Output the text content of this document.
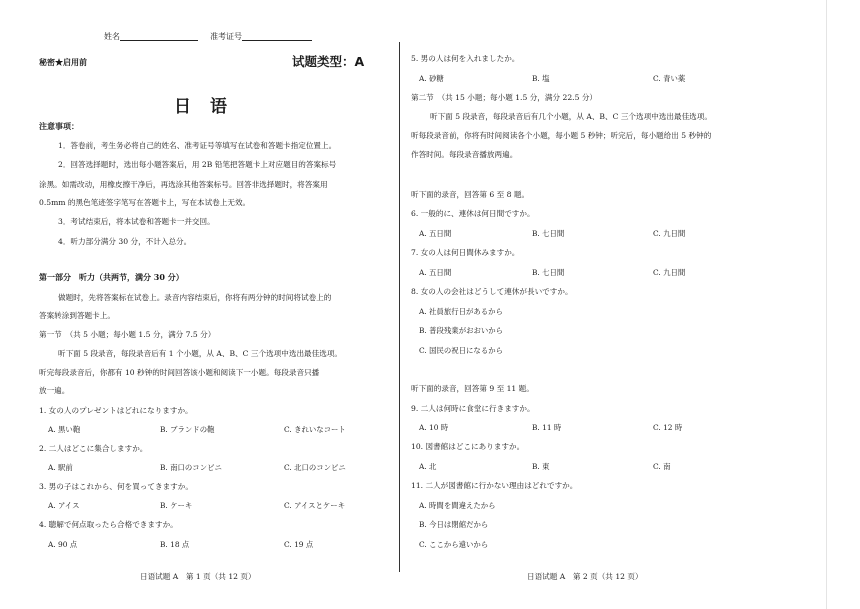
姓名	准考证号
秘密★启用前	试题类型：A
日　语
注意事项：
1．答卷前，考生务必将自己的姓名、准考证号等填写在试卷和答题卡指定位置上。
2．回答选择题时，选出每小题答案后，用 2B 铅笔把答题卡上对应题目的答案标号
涂黑。如需改动，用橡皮擦干净后，再选涂其他答案标号。回答非选择题时，将答案用
0.5mm 的黑色笔迹签字笔写在答题卡上，写在本试卷上无效。
3．考试结束后，将本试卷和答题卡一并交回。
4．听力部分满分 30 分，不计入总分。
第一部分　听力（共两节，满分 30 分）
做题时，先将答案标在试卷上。录音内容结束后，你将有两分钟的时间将试卷上的
答案转涂到答题卡上。
第一节　（共 5 小题；每小题 1.5 分，满分 7.5 分）
听下面 5 段录音，每段录音后有 1 个小题，从 A、B、C 三个选项中选出最佳选项。
听完每段录音后，你都有 10 秒钟的时间回答该小题和阅读下一小题。每段录音只播
放一遍。
1. 女の人のプレゼントはどれになりますか。
A. 黒い鞄	B. ブランドの鞄	C. きれいなコート
2. 二人はどこに集合しますか。
A. 駅前	B. 南口のコンビニ	C. 北口のコンビニ
3. 男の子はこれから、何を買ってきますか。
A. アイス	B. ケーキ	C. アイスとケーキ
4. 聴解で何点取ったら合格できますか。
A. 90 点	B. 18 点	C. 19 点
日语试题 A　第 1 页（共 12 页）
5. 男の人は何を入れましたか。
A. 砂糖	B. 塩	C. 青い薬
第二节　（共 15 小题；每小题 1.5 分，满分 22.5 分）
听下面 5 段录音，每段录音后有几个小题，从 A、B、C 三个选项中选出最佳选项。
听每段录音前，你将有时间阅读各个小题，每小题 5 秒钟；听完后，每小题给出 5 秒钟的
作答时间。每段录音播放两遍。
听下面的录音，回答第 6 至 8 题。
6. 一般的に、連休は何日間ですか。
A. 五日間	B. 七日間	C. 九日間
7. 女の人は何日間休みますか。
A. 五日間	B. 七日間	C. 九日間
8. 女の人の会社はどうして連休が長いですか。
A. 社員旅行日があるから
B. 普段残業がおおいから
C. 国民の祝日になるから
听下面的录音，回答第 9 至 11 题。
9. 二人は何時に食堂に行きますか。
A. 10 時	B. 11 時	C. 12 時
10. 図書館はどこにありますか。
A. 北	B. 東	C. 南
11. 二人が図書館に行かない理由はどれですか。
A. 時間を間違えたから
B. 今日は閉館だから
C. ここから遠いから
日语试题 A　第 2 页（共 12 页）
